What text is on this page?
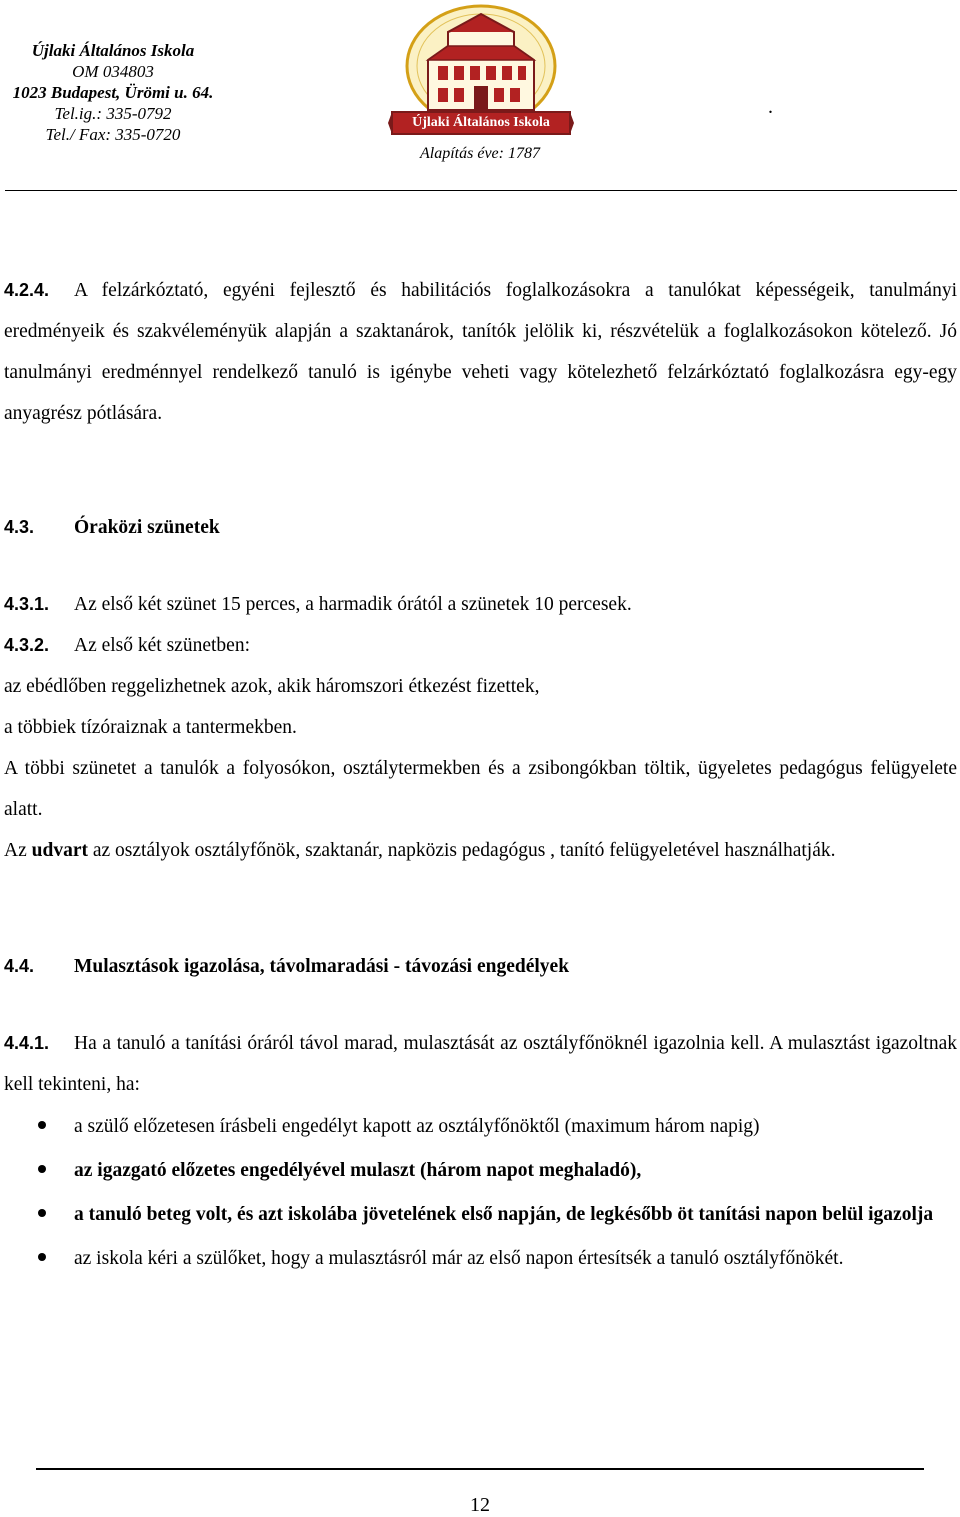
Újlaki Általános Iskola
OM 034803
1023 Budapest, Ürömi u. 64.
Tel.ig.: 335-0792
Tel./ Fax: 335-0720
Újlaki Általános Iskola
Alapítás éve: 1787
.

4.2.4. A felzárkóztató, egyéni fejlesztő és habilitációs foglalkozásokra a tanulókat képességeik, tanulmányi eredményeik és szakvéleményük alapján a szaktanárok, tanítók jelölik ki, részvételük a foglalkozásokon kötelező. Jó tanulmányi eredménnyel rendelkező tanuló is igénybe veheti vagy kötelezhető felzárkóztató foglalkozásra egy-egy anyagrész pótlására.

4.3. Óraközi szünetek

4.3.1. Az első két szünet 15 perces, a harmadik órától a szünetek 10 percesek.

4.3.2. Az első két szünetben:

az ebédlőben reggelizhetnek azok, akik háromszori étkezést fizettek,

a többiek tízóraiznak a tantermekben.

A többi szünetet a tanulók a folyosókon, osztálytermekben és a zsibongókban töltik, ügyeletes pedagógus felügyelete alatt.

Az udvart az osztályok osztályfőnök, szaktanár, napközis pedagógus , tanító felügyeletével használhatják.

4.4. Mulasztások igazolása, távolmaradási - távozási engedélyek

4.4.1. Ha a tanuló a tanítási óráról távol marad, mulasztását az osztályfőnöknél igazolnia kell. A mulasztást igazoltnak kell tekinteni, ha:

a szülő előzetesen írásbeli engedélyt kapott az osztályfőnöktől (maximum három napig)
az igazgató előzetes engedélyével mulaszt (három napot meghaladó),
a tanuló beteg volt, és azt iskolába jövetelének első napján, de legkésőbb öt tanítási napon belül igazolja
az iskola kéri a szülőket, hogy a mulasztásról már az első napon értesítsék a tanuló osztályfőnökét.
12
